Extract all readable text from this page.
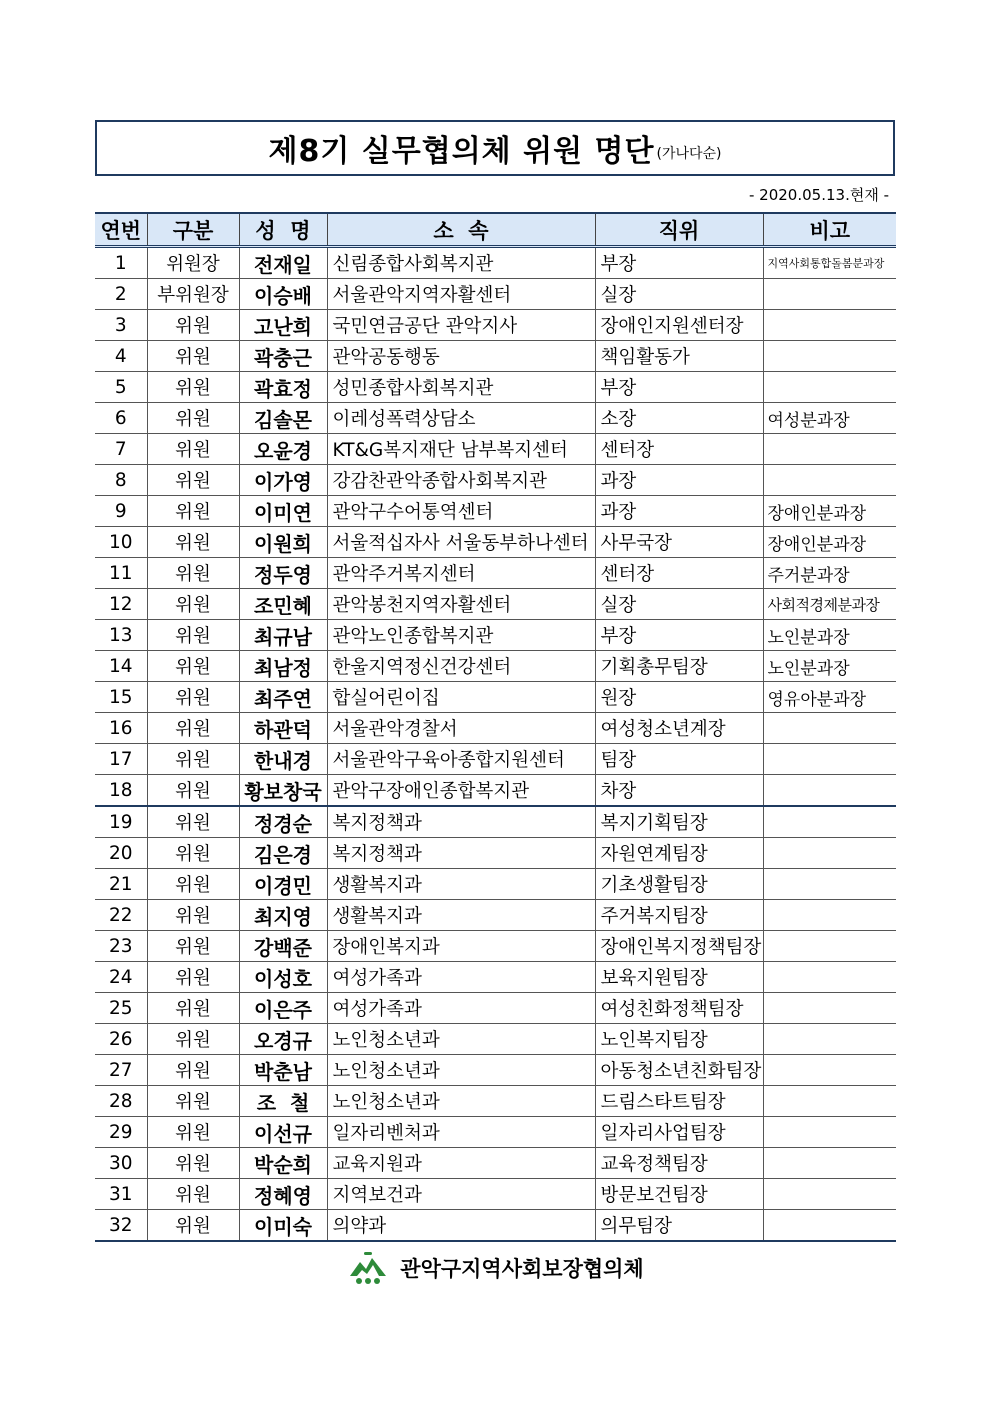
제8기 실무협의체 위원 명단 (가나다순)
- 2020.05.13.현재 -
연번	구분	성  명	소  속	직위	비고
1	위원장	전재일	신림종합사회복지관	부장	지역사회통합돌봄분과장
2	부위원장	이승배	서울관악지역자활센터	실장	
3	위원	고난희	국민연금공단 관악지사	장애인지원센터장	
4	위원	곽충근	관악공동행동	책임활동가	
5	위원	곽효정	성민종합사회복지관	부장	
6	위원	김솔몬	이레성폭력상담소	소장	여성분과장
7	위원	오윤경	KT&G복지재단 남부복지센터	센터장	
8	위원	이가영	강감찬관악종합사회복지관	과장	
9	위원	이미연	관악구수어통역센터	과장	장애인분과장
10	위원	이원희	서울적십자사 서울동부하나센터	사무국장	장애인분과장
11	위원	정두영	관악주거복지센터	센터장	주거분과장
12	위원	조민혜	관악봉천지역자활센터	실장	사회적경제분과장
13	위원	최규남	관악노인종합복지관	부장	노인분과장
14	위원	최남정	한울지역정신건강센터	기획총무팀장	노인분과장
15	위원	최주연	합실어린이집	원장	영유아분과장
16	위원	하관덕	서울관악경찰서	여성청소년계장	
17	위원	한내경	서울관악구육아종합지원센터	팀장	
18	위원	황보창국	관악구장애인종합복지관	차장	
19	위원	정경순	복지정책과	복지기획팀장	
20	위원	김은경	복지정책과	자원연계팀장	
21	위원	이경민	생활복지과	기초생활팀장	
22	위원	최지영	생활복지과	주거복지팀장	
23	위원	강백준	장애인복지과	장애인복지정책팀장	
24	위원	이성호	여성가족과	보육지원팀장	
25	위원	이은주	여성가족과	여성친화정책팀장	
26	위원	오경규	노인청소년과	노인복지팀장	
27	위원	박춘남	노인청소년과	아동청소년친화팀장	
28	위원	조  철	노인청소년과	드림스타트팀장	
29	위원	이선규	일자리벤처과	일자리사업팀장	
30	위원	박순희	교육지원과	교육정책팀장	
31	위원	정혜영	지역보건과	방문보건팀장	
32	위원	이미숙	의약과	의무팀장	
관악구지역사회보장협의체
